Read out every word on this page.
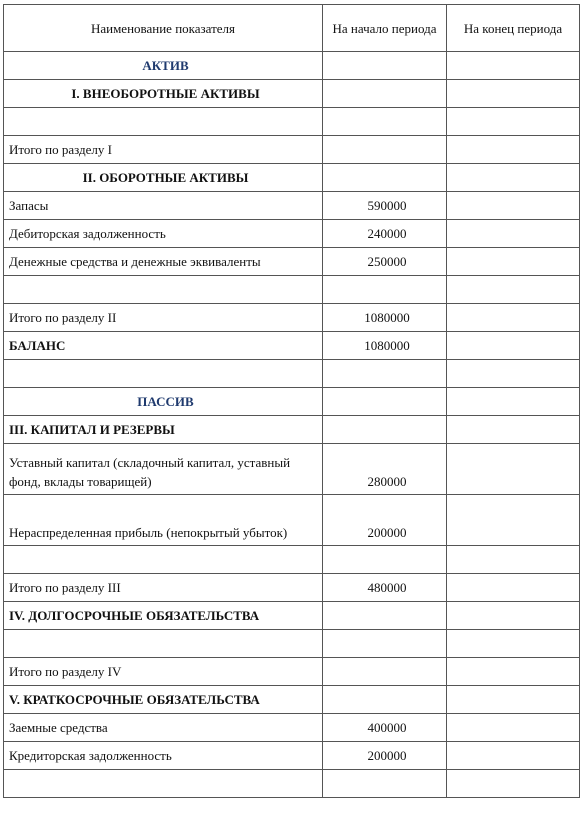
Наименование показателя	На начало периода	На конец периода
АКТИВ		
I. ВНЕОБОРОТНЫЕ АКТИВЫ		

Итого по разделу I		
II. ОБОРОТНЫЕ АКТИВЫ		
Запасы	590000	
Дебиторская задолженность	240000	
Денежные средства и денежные эквиваленты	250000	

Итого по разделу II	1080000	
БАЛАНС	1080000	

ПАССИВ		
III. КАПИТАЛ И РЕЗЕРВЫ		
Уставный капитал (складочный капитал, уставный фонд, вклады товарищей)	280000	
Нераспределенная прибыль (непокрытый убыток)	200000	

Итого по разделу III	480000	
IV. ДОЛГОСРОЧНЫЕ ОБЯЗАТЕЛЬСТВА		

Итого по разделу IV		
V. КРАТКОСРОЧНЫЕ ОБЯЗАТЕЛЬСТВА		
Заемные средства	400000	
Кредиторская задолженность	200000	
